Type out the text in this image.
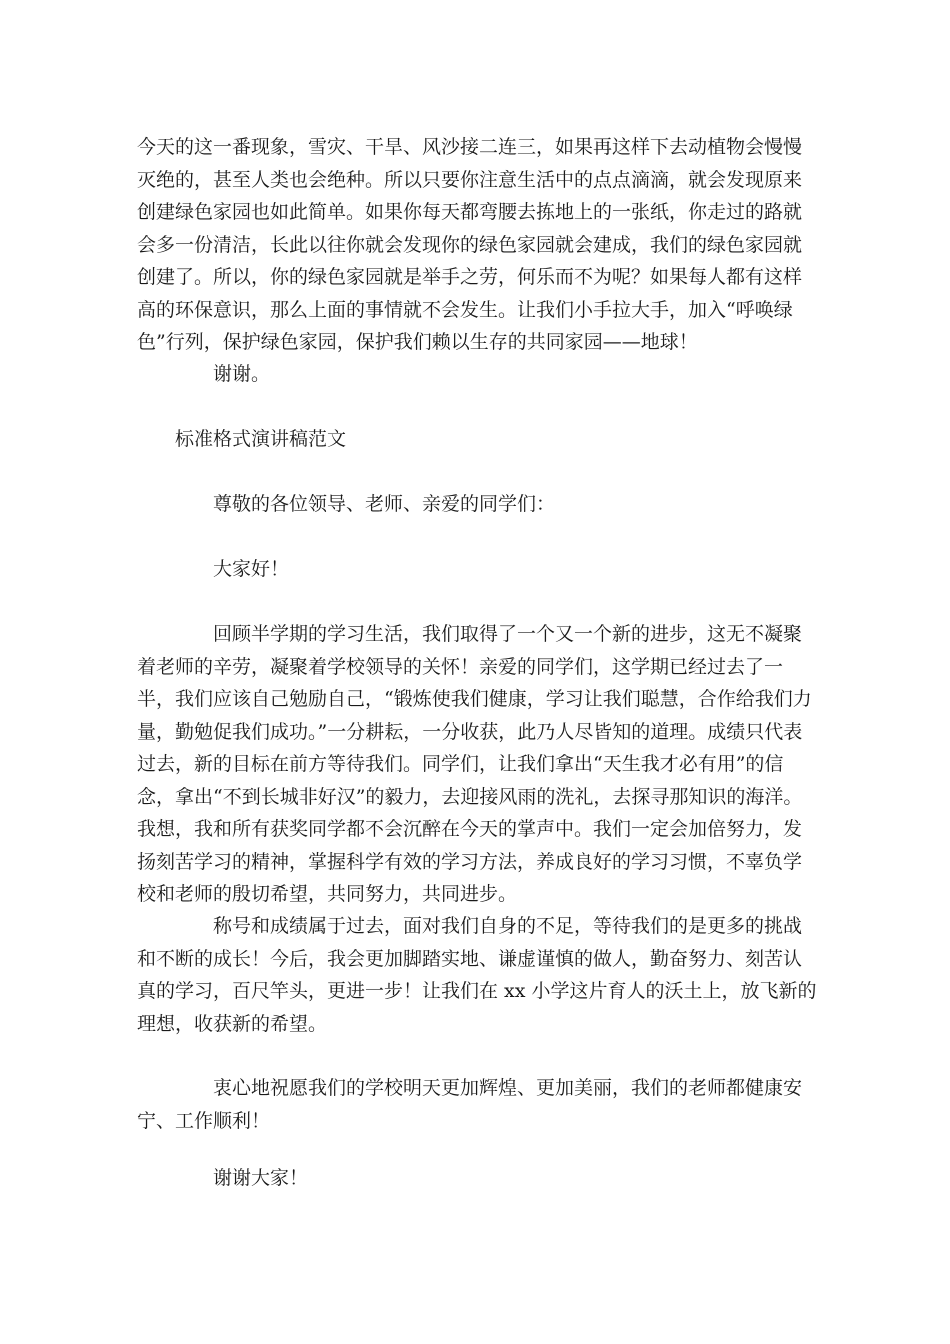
今天的这一番现象，雪灾、干旱、风沙接二连三，如果再这样下去动植物会慢慢灭绝的，甚至人类也会绝种。所以只要你注意生活中的点点滴滴，就会发现原来创建绿色家园也如此简单。如果你每天都弯腰去拣地上的一张纸，你走过的路就会多一份清洁，长此以往你就会发现你的绿色家园就会建成，我们的绿色家园就创建了。所以，你的绿色家园就是举手之劳，何乐而不为呢？如果每人都有这样高的环保意识，那么上面的事情就不会发生。让我们小手拉大手，加入“呼唤绿色”行列，保护绿色家园，保护我们赖以生存的共同家园——地球！

谢谢。

标准格式演讲稿范文

尊敬的各位领导、老师、亲爱的同学们：

大家好！

回顾半学期的学习生活，我们取得了一个又一个新的进步，这无不凝聚着老师的辛劳，凝聚着学校领导的关怀！亲爱的同学们，这学期已经过去了一半，我们应该自己勉励自己，“锻炼使我们健康，学习让我们聪慧，合作给我们力量，勤勉促我们成功。”一分耕耘，一分收获，此乃人尽皆知的道理。成绩只代表过去，新的目标在前方等待我们。同学们，让我们拿出“天生我才必有用”的信念，拿出“不到长城非好汉”的毅力，去迎接风雨的洗礼，去探寻那知识的海洋。我想，我和所有获奖同学都不会沉醉在今天的掌声中。我们一定会加倍努力，发扬刻苦学习的精神，掌握科学有效的学习方法，养成良好的学习习惯，不辜负学校和老师的殷切希望，共同努力，共同进步。

称号和成绩属于过去，面对我们自身的不足，等待我们的是更多的挑战和不断的成长！今后，我会更加脚踏实地、谦虚谨慎的做人，勤奋努力、刻苦认真的学习，百尺竿头，更进一步！让我们在 xx 小学这片育人的沃土上，放飞新的理想，收获新的希望。

衷心地祝愿我们的学校明天更加辉煌、更加美丽，我们的老师都健康安宁、工作顺利！

谢谢大家！
